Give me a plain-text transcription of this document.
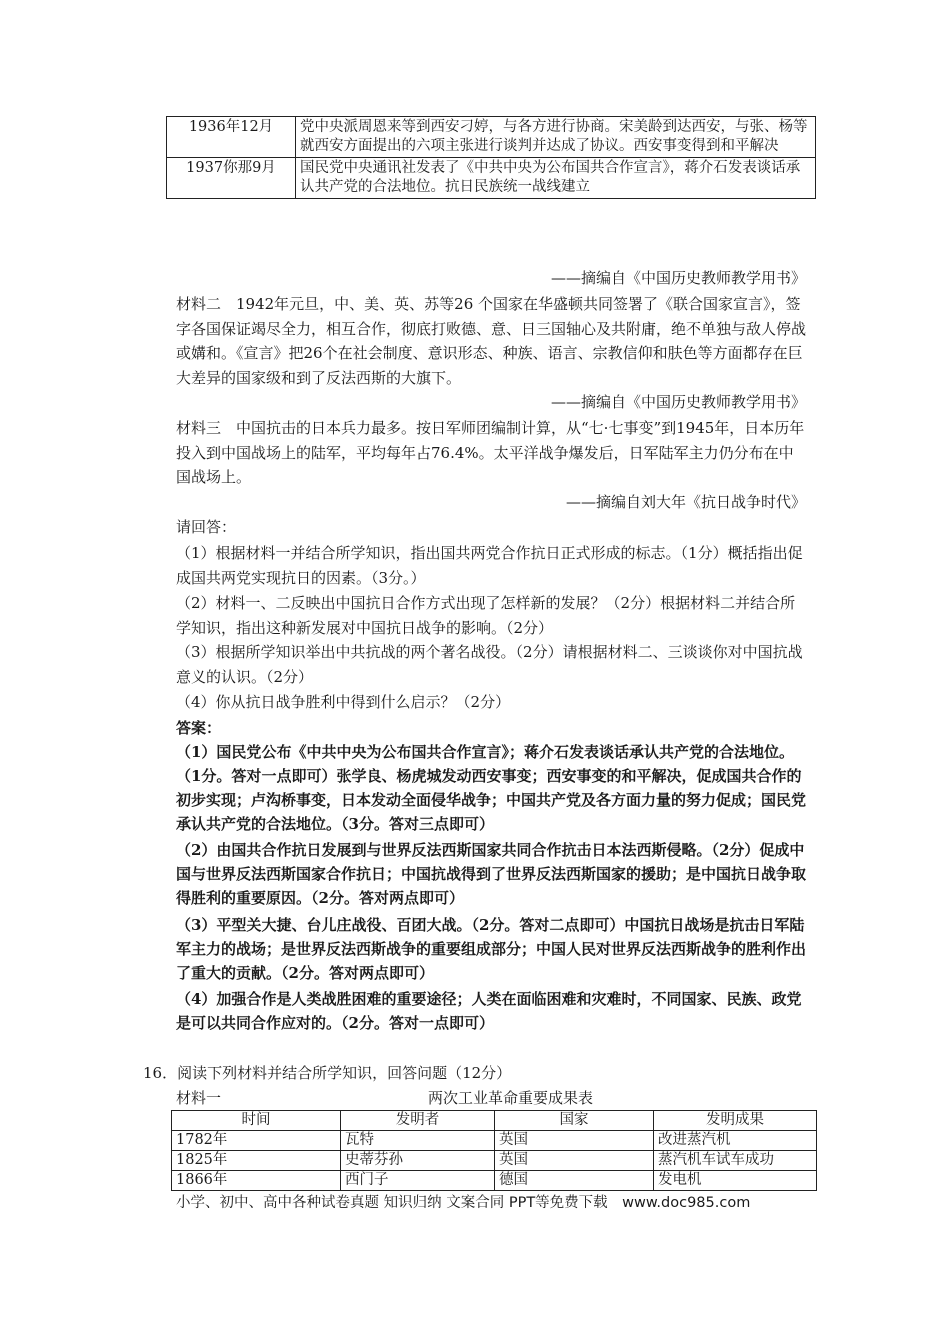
1936年12月	党中央派周恩来等到西安刁婷，与各方进行协商。宋美龄到达西安，与张、杨等就西安方面提出的六项主张进行谈判并达成了协议。西安事变得到和平解决
1937你那9月	国民党中央通讯社发表了《中共中央为公布国共合作宣言》，蒋介石发表谈话承认共产党的合法地位。抗日民族统一战线建立
——摘编自《中国历史教师教学用书》
材料二　1942年元旦，中、美、英、苏等26 个国家在华盛顿共同签署了《联合国家宣言》，签字各国保证竭尽全力，相互合作，彻底打败德、意、日三国轴心及共附庸，绝不单独与敌人停战或媾和。《宣言》把26个在社会制度、意识形态、种族、语言、宗教信仰和肤色等方面都存在巨大差异的国家级和到了反法西斯的大旗下。
——摘编自《中国历史教师教学用书》
材料三　中国抗击的日本兵力最多。按日军师团编制计算，从“七·七事变”到1945年，日本历年投入到中国战场上的陆军，平均每年占76.4%。太平洋战争爆发后，日军陆军主力仍分布在中国战场上。
——摘编自刘大年《抗日战争时代》
请回答：
（1）根据材料一并结合所学知识，指出国共两党合作抗日正式形成的标志。（1分）概括指出促成国共两党实现抗日的因素。（3分。）
（2）材料一、二反映出中国抗日合作方式出现了怎样新的发展？（2分）根据材料二并结合所学知识，指出这种新发展对中国抗日战争的影响。（2分）
（3）根据所学知识举出中共抗战的两个著名战役。（2分）请根据材料二、三谈谈你对中国抗战意义的认识。（2分）
（4）你从抗日战争胜利中得到什么启示？（2分）
答案：
（1）国民党公布《中共中央为公布国共合作宣言》；蒋介石发表谈话承认共产党的合法地位。（1分。答对一点即可）张学良、杨虎城发动西安事变；西安事变的和平解决，促成国共合作的初步实现；卢沟桥事变，日本发动全面侵华战争；中国共产党及各方面力量的努力促成；国民党承认共产党的合法地位。（3分。答对三点即可）
（2）由国共合作抗日发展到与世界反法西斯国家共同合作抗击日本法西斯侵略。（2分）促成中国与世界反法西斯国家合作抗日；中国抗战得到了世界反法西斯国家的援助；是中国抗日战争取得胜利的重要原因。（2分。答对两点即可）
（3）平型关大捷、台儿庄战役、百团大战。（2分。答对二点即可）中国抗日战场是抗击日军陆军主力的战场；是世界反法西斯战争的重要组成部分；中国人民对世界反法西斯战争的胜利作出了重大的贡献。（2分。答对两点即可）
（4）加强合作是人类战胜困难的重要途径；人类在面临困难和灾难时，不同国家、民族、政党是可以共同合作应对的。（2分。答对一点即可）
16．阅读下列材料并结合所学知识，回答问题（12分）
材料一	两次工业革命重要成果表
时间	发明者	国家	发明成果
1782年	瓦特	英国	改进蒸汽机
1825年	史蒂芬孙	英国	蒸汽机车试车成功
1866年	西门子	德国	发电机
小学、初中、高中各种试卷真题 知识归纳 文案合同 PPT等免费下载　www.doc985.com
